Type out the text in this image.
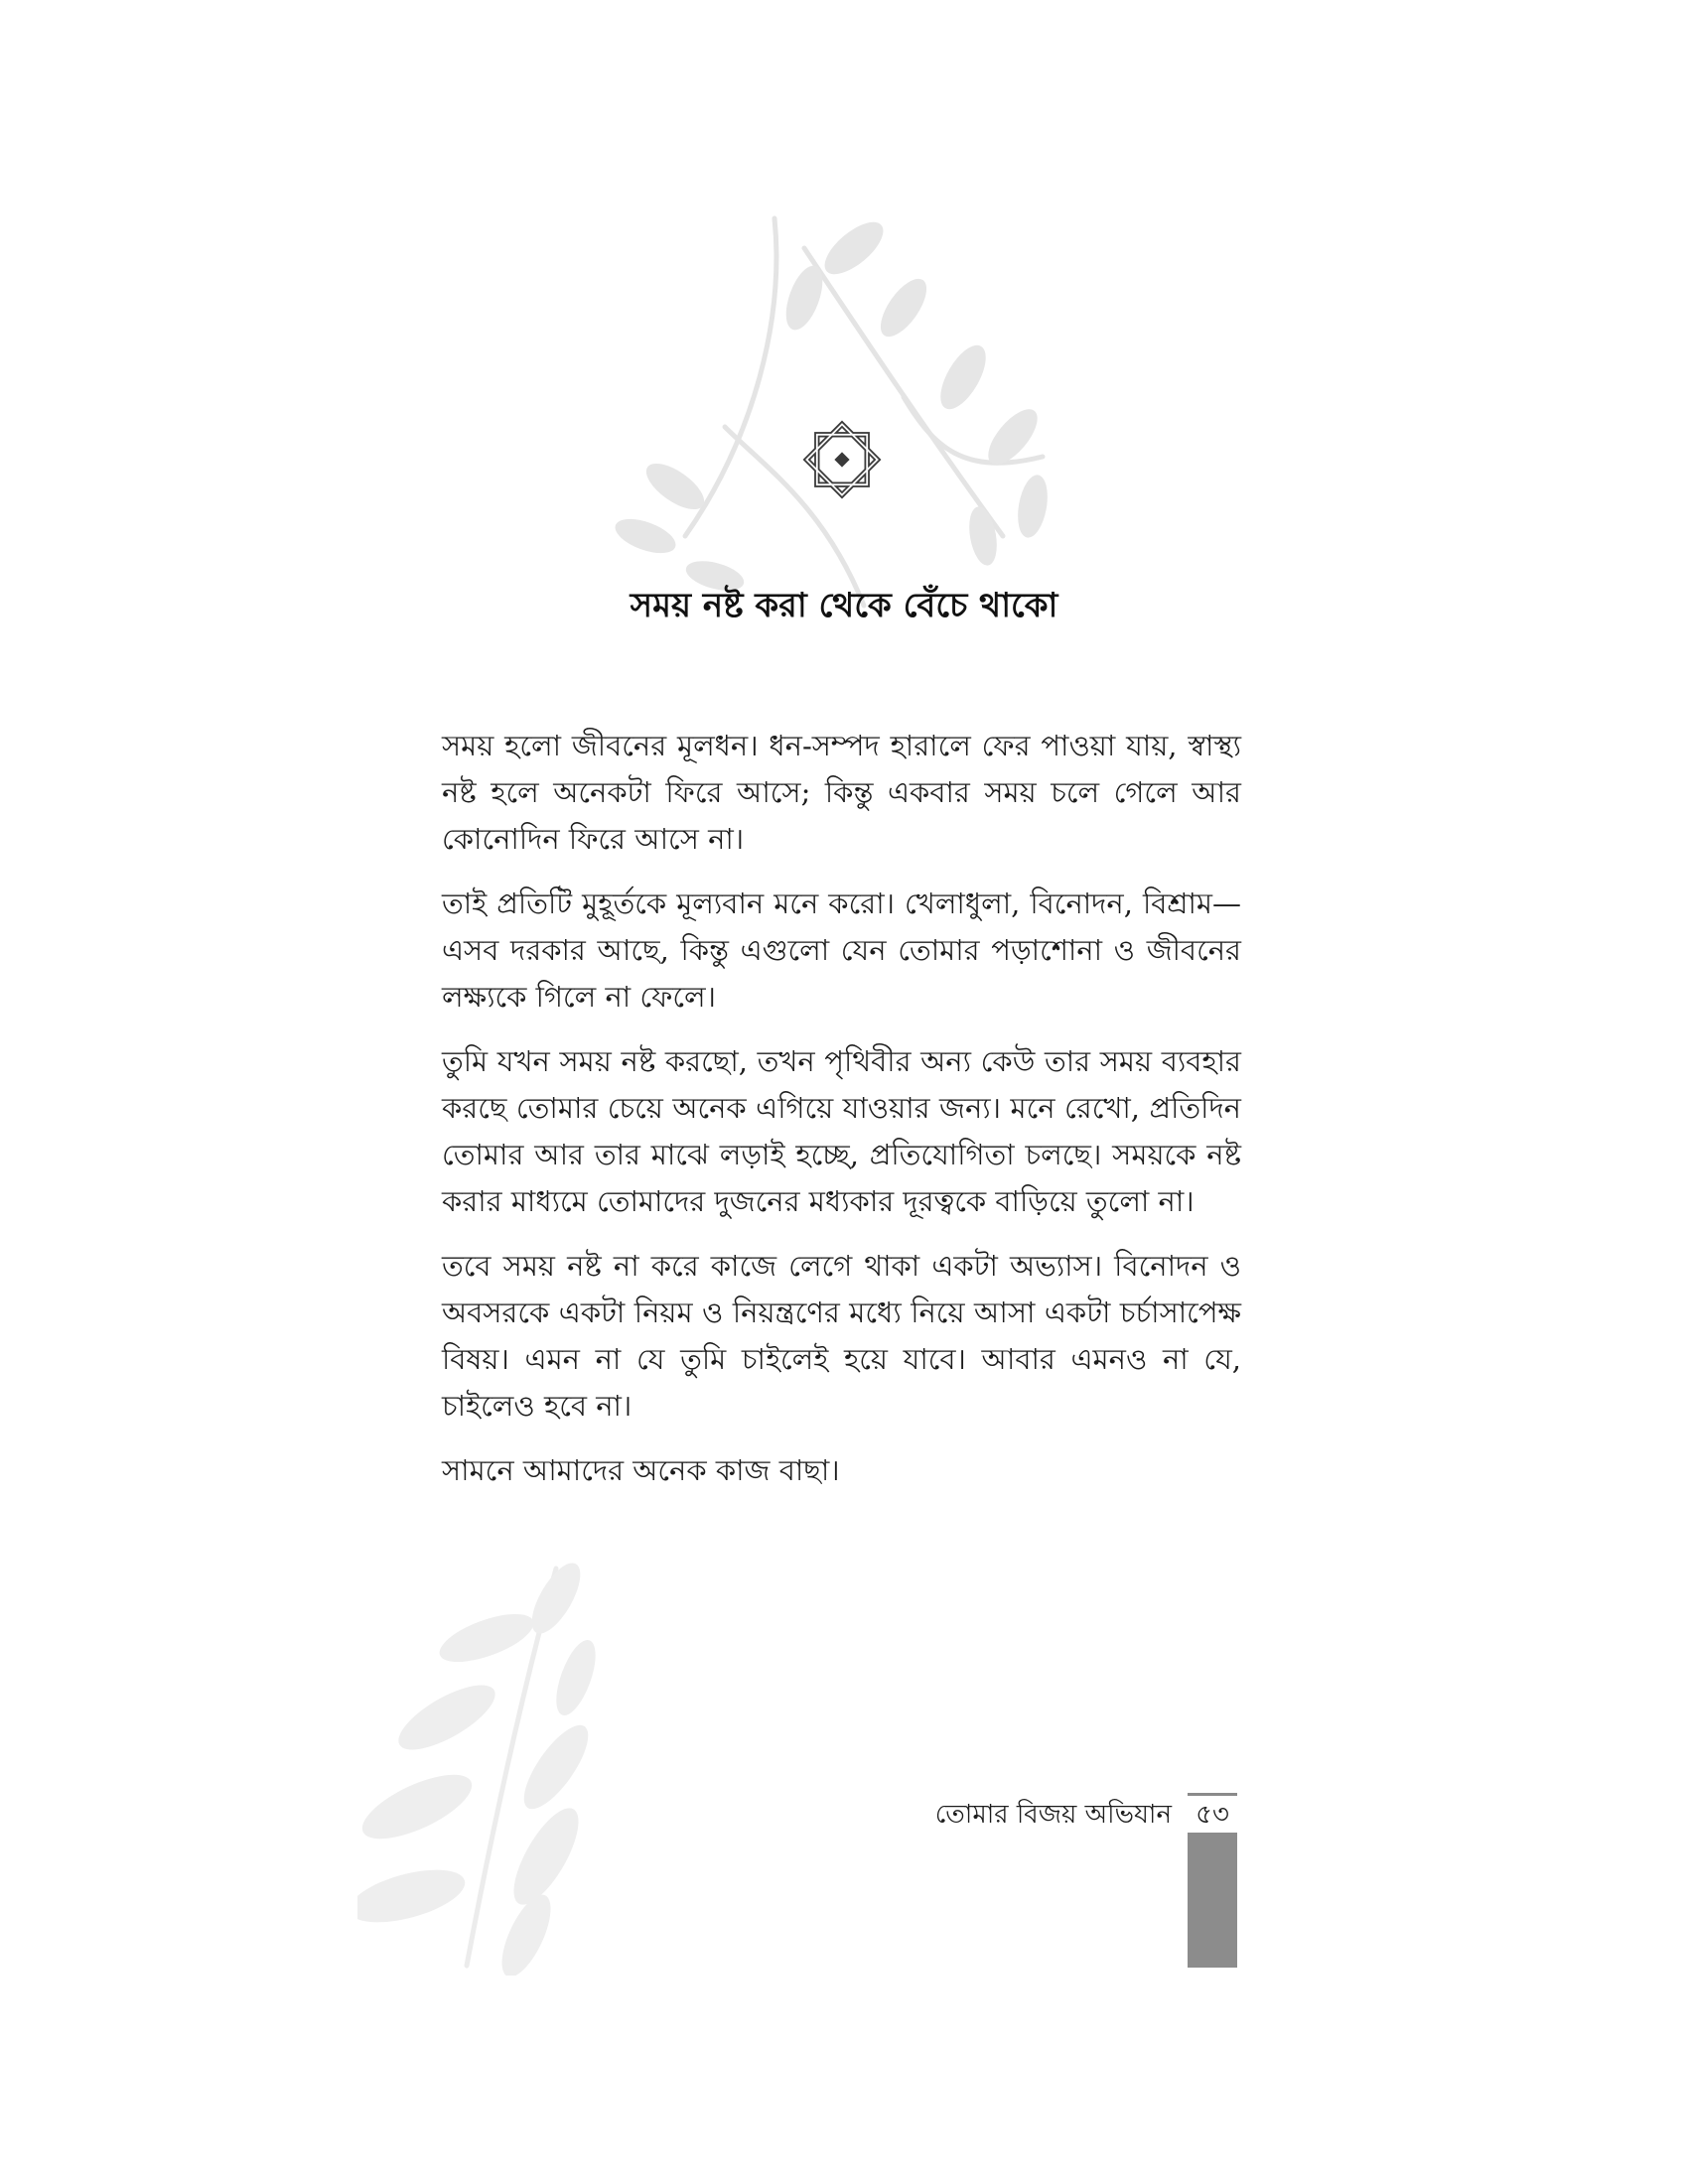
সময় নষ্ট করা থেকে বেঁচে থাকো

সময় হলো জীবনের মূলধন। ধন-সম্পদ হারালে ফের পাওয়া যায়, স্বাস্থ্য নষ্ট হলে অনেকটা ফিরে আসে; কিন্তু একবার সময় চলে গেলে আর কোনোদিন ফিরে আসে না।

তাই প্রতিটি মুহূর্তকে মূল্যবান মনে করো। খেলাধুলা, বিনোদন, বিশ্রাম—এসব দরকার আছে, কিন্তু এগুলো যেন তোমার পড়াশোনা ও জীবনের লক্ষ্যকে গিলে না ফেলে।

তুমি যখন সময় নষ্ট করছো, তখন পৃথিবীর অন্য কেউ তার সময় ব্যবহার করছে তোমার চেয়ে অনেক এগিয়ে যাওয়ার জন্য। মনে রেখো, প্রতিদিন তোমার আর তার মাঝে লড়াই হচ্ছে, প্রতিযোগিতা চলছে। সময়কে নষ্ট করার মাধ্যমে তোমাদের দুজনের মধ্যকার দূরত্বকে বাড়িয়ে তুলো না।

তবে সময় নষ্ট না করে কাজে লেগে থাকা একটা অভ্যাস। বিনোদন ও অবসরকে একটা নিয়ম ও নিয়ন্ত্রণের মধ্যে নিয়ে আসা একটা চর্চাসাপেক্ষ বিষয়। এমন না যে তুমি চাইলেই হয়ে যাবে। আবার এমনও না যে, চাইলেও হবে না।

সামনে আমাদের অনেক কাজ বাছা।

তোমার বিজয় অভিযান ৫৩
